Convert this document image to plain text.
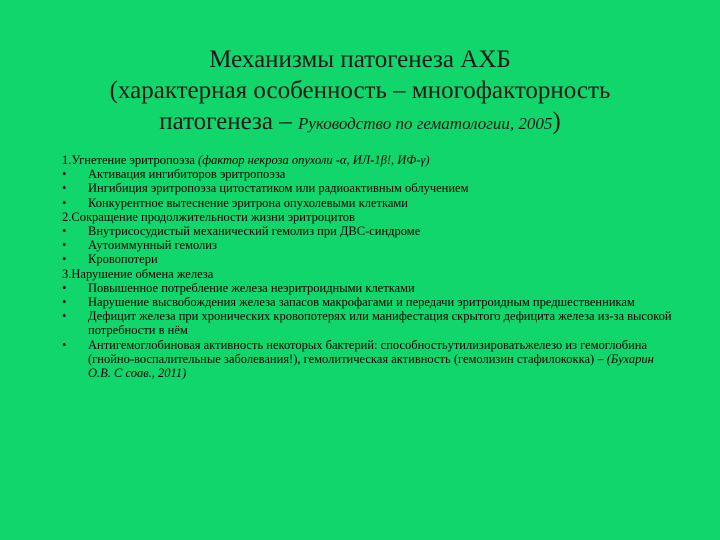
Механизмы патогенеза АХБ
(характерная особенность – многофакторность
патогенеза – Руководство по гематологии, 2005)
1.Угнетение эритропоэза (фактор некроза опухоли -α, ИЛ-1β!, ИФ-γ)
• Активация ингибиторов эритропоэза
• Ингибиция эритропоэза цитостатиком или радиоактивным облучением
• Конкурентное вытеснение эритрона опухолевыми клетками
2.Сокращение продолжительности жизни эритроцитов
• Внутрисосудистый механический гемолиз при ДВС-синдроме
• Аутоиммунный гемолиз
• Кровопотери
3.Нарушение обмена железа
• Повышенное потребление железа неэритроидными клетками
• Нарушение высвобождения железа запасов макрофагами и передачи эритроидным предшественникам
• Дефицит железа при хронических кровопотерях или манифестация скрытого дефицита железа из-за высокой потребности в нём
• Антигемоглобиновая активность некоторых бактерий: способностьутилизироватьжелезо из гемоглобина (гнойно-воспалительные заболевания!), гемолитическая активность (гемолизин стафилококка) – (Бухарин О.В. С соав., 2011)
